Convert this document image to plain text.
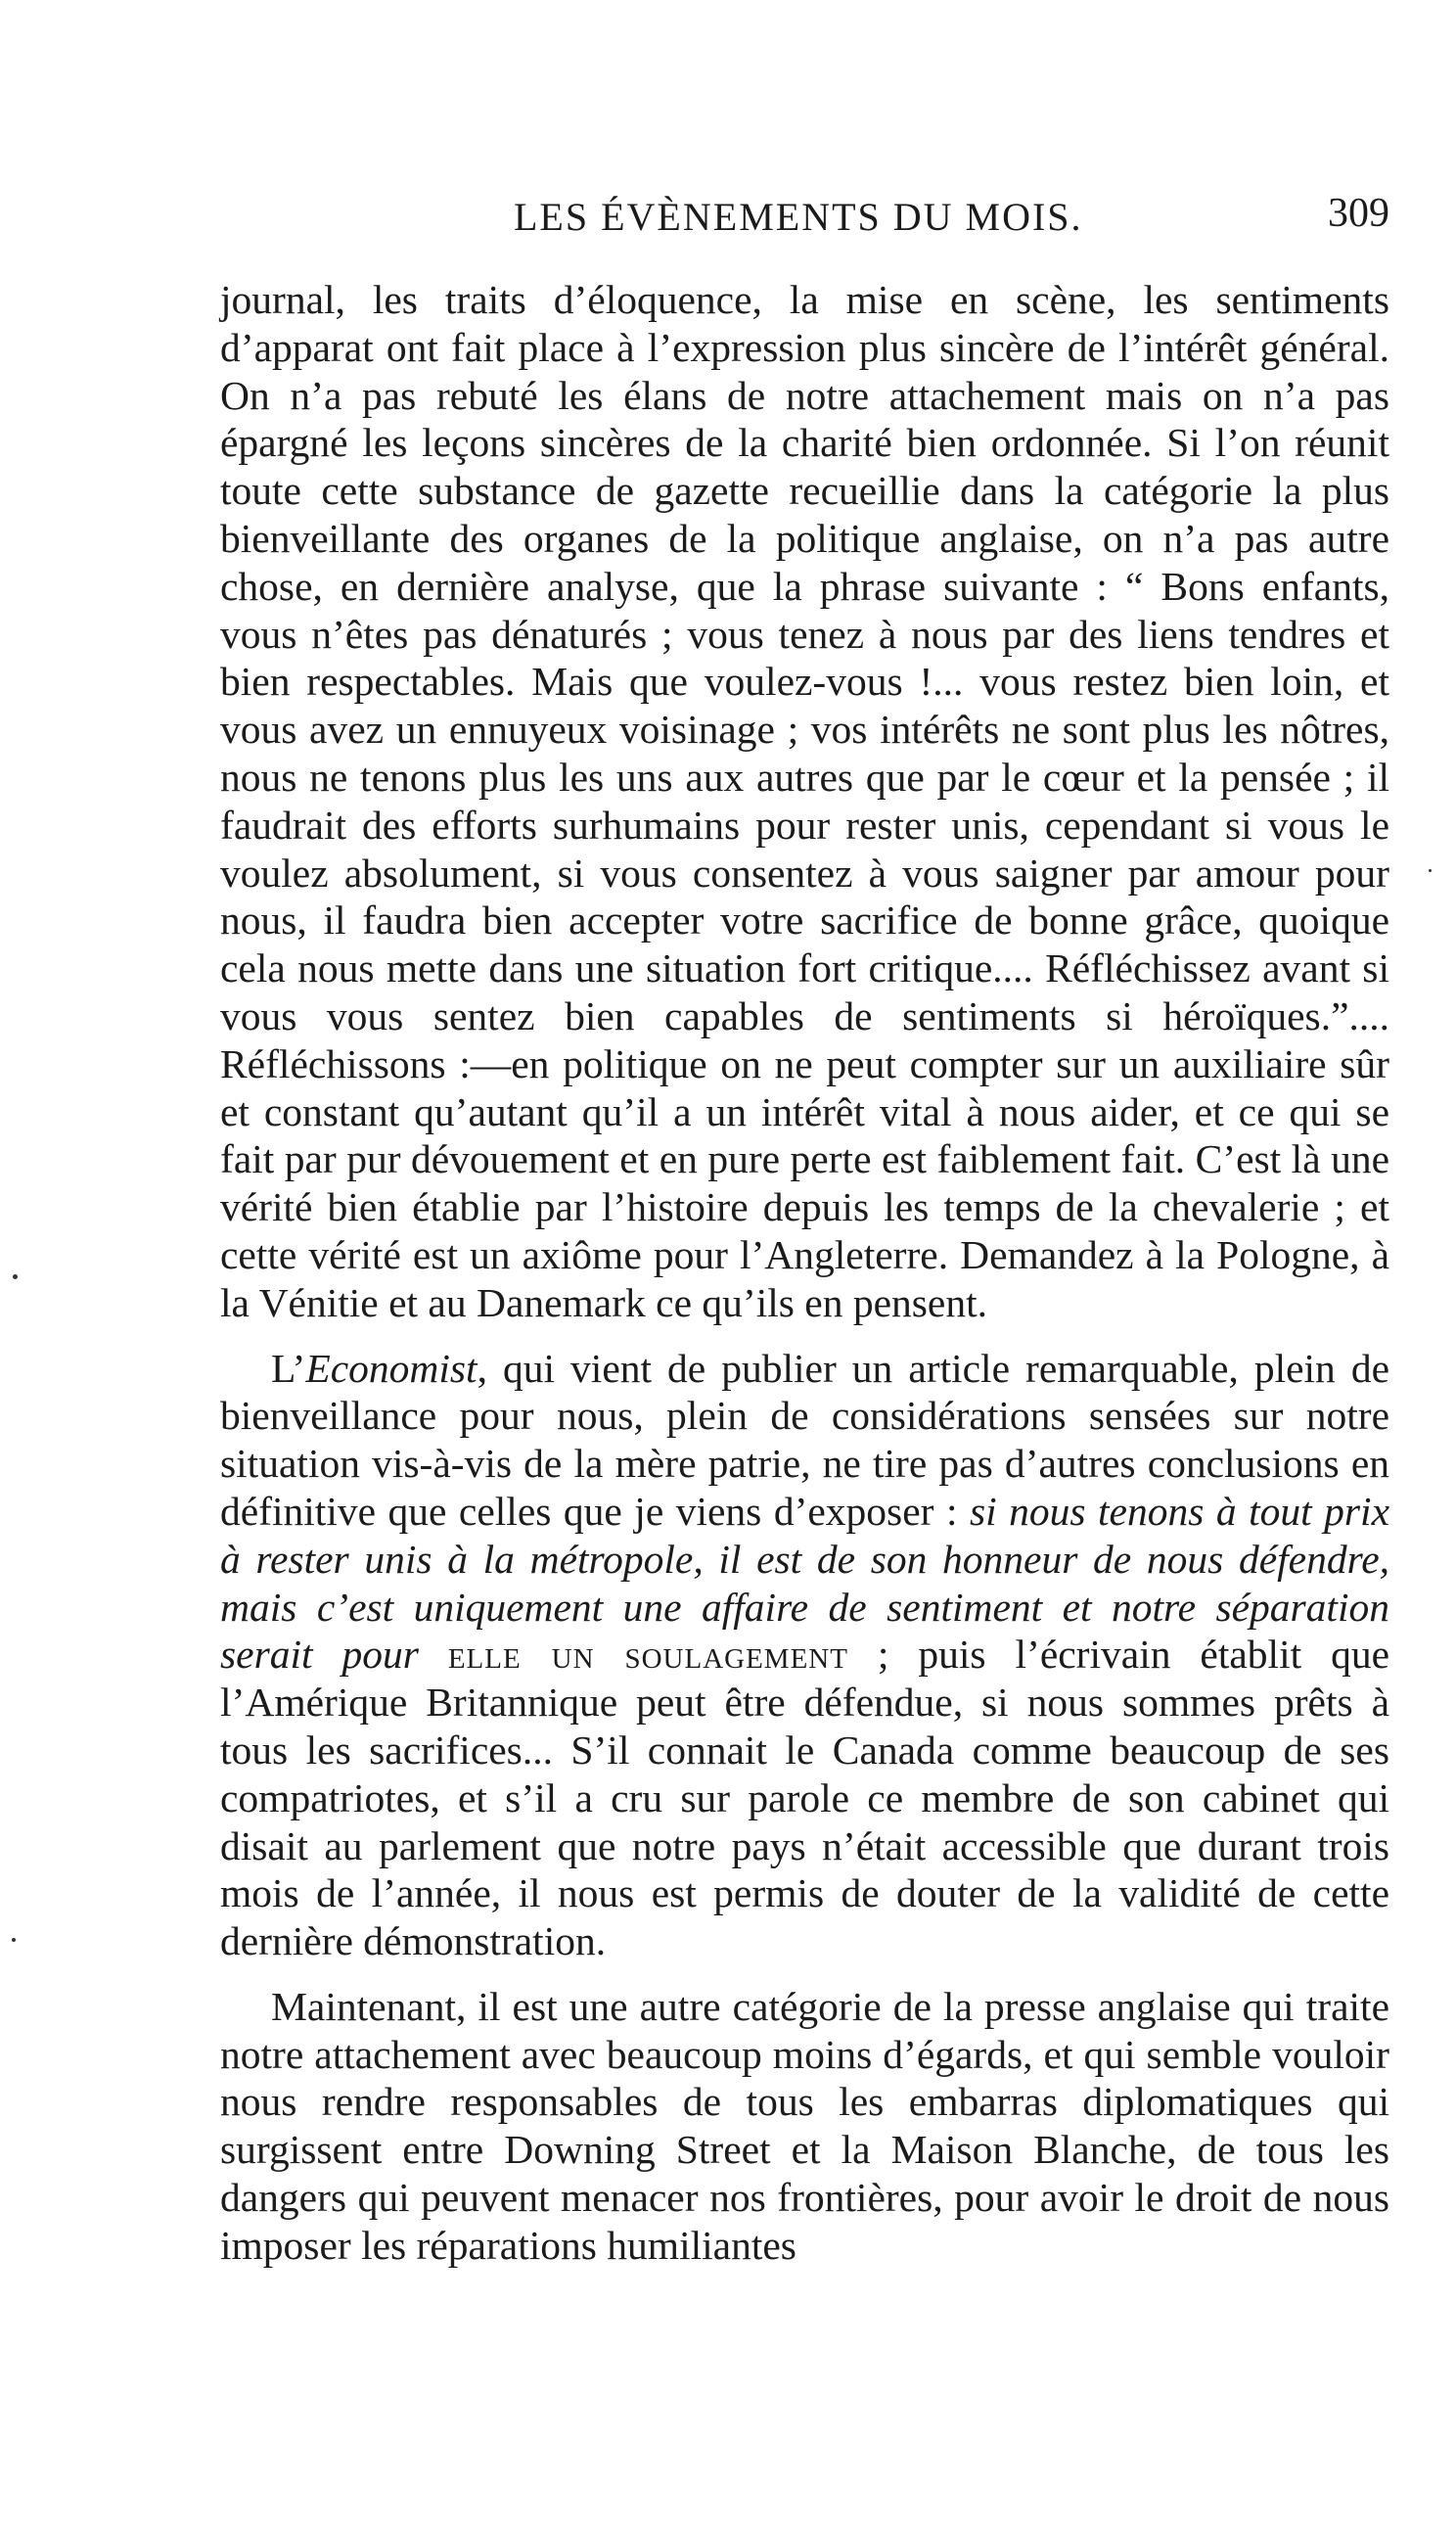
LES ÉVÈNEMENTS DU MOIS.	309

journal, les traits d’éloquence, la mise en scène, les sentiments d’apparat ont fait place à l’expression plus sincère de l’intérêt général. On n’a pas rebuté les élans de notre attachement mais on n’a pas épargné les leçons sincères de la charité bien ordonnée. Si l’on réunit toute cette substance de gazette recueillie dans la catégorie la plus bienveillante des organes de la politique anglaise, on n’a pas autre chose, en dernière analyse, que la phrase suivante : “ Bons enfants, vous n’êtes pas dénaturés ; vous tenez à nous par des liens tendres et bien respectables. Mais que voulez-vous !... vous restez bien loin, et vous avez un ennuyeux voisinage ; vos intérêts ne sont plus les nôtres, nous ne tenons plus les uns aux autres que par le cœur et la pensée ; il faudrait des efforts surhumains pour rester unis, cependant si vous le voulez absolument, si vous consentez à vous saigner par amour pour nous, il faudra bien accepter votre sacrifice de bonne grâce, quoique cela nous mette dans une situation fort critique.... Réfléchissez avant si vous vous sentez bien capables de sentiments si héroïques.”.... Réfléchissons :—en politique on ne peut compter sur un auxiliaire sûr et constant qu’autant qu’il a un intérêt vital à nous aider, et ce qui se fait par pur dévouement et en pure perte est faiblement fait. C’est là une vérité bien établie par l’histoire depuis les temps de la chevalerie ; et cette vérité est un axiôme pour l’Angleterre. Demandez à la Pologne, à la Vénitie et au Danemark ce qu’ils en pensent.

L’Economist, qui vient de publier un article remarquable, plein de bienveillance pour nous, plein de considérations sensées sur notre situation vis-à-vis de la mère patrie, ne tire pas d’autres conclusions en définitive que celles que je viens d’exposer : si nous tenons à tout prix à rester unis à la métropole, il est de son honneur de nous défendre, mais c’est uniquement une affaire de sentiment et notre séparation serait pour elle un soulagement ; puis l’écrivain établit que l’Amérique Britannique peut être défendue, si nous sommes prêts à tous les sacrifices... S’il connait le Canada comme beaucoup de ses compatriotes, et s’il a cru sur parole ce membre de son cabinet qui disait au parlement que notre pays n’était accessible que durant trois mois de l’année, il nous est permis de douter de la validité de cette dernière démonstration.

Maintenant, il est une autre catégorie de la presse anglaise qui traite notre attachement avec beaucoup moins d’égards, et qui semble vouloir nous rendre responsables de tous les embarras diplomatiques qui surgissent entre Downing Street et la Maison Blanche, de tous les dangers qui peuvent menacer nos frontières, pour avoir le droit de nous imposer les réparations humiliantes
